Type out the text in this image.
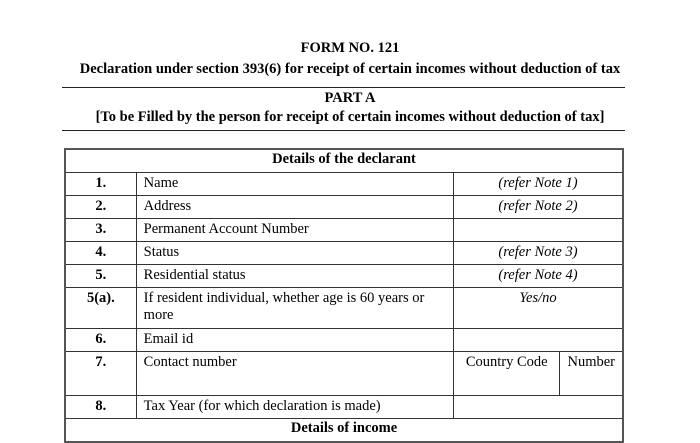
FORM NO. 121
Declaration under section 393(6) for receipt of certain incomes without deduction of tax
PART A
[To be Filled by the person for receipt of certain incomes without deduction of tax]
Details of the declarant			
1.	Name	(refer Note 1)	
2.	Address	(refer Note 2)	
3.	Permanent Account Number		
4.	Status	(refer Note 3)	
5.	Residential status	(refer Note 4)	
5(a).	If resident individual, whether age is 60 years or more	Yes/no	
6.	Email id		
7.	Contact number	Country Code	Number
8.	Tax Year (for which declaration is made)		
Details of income			
